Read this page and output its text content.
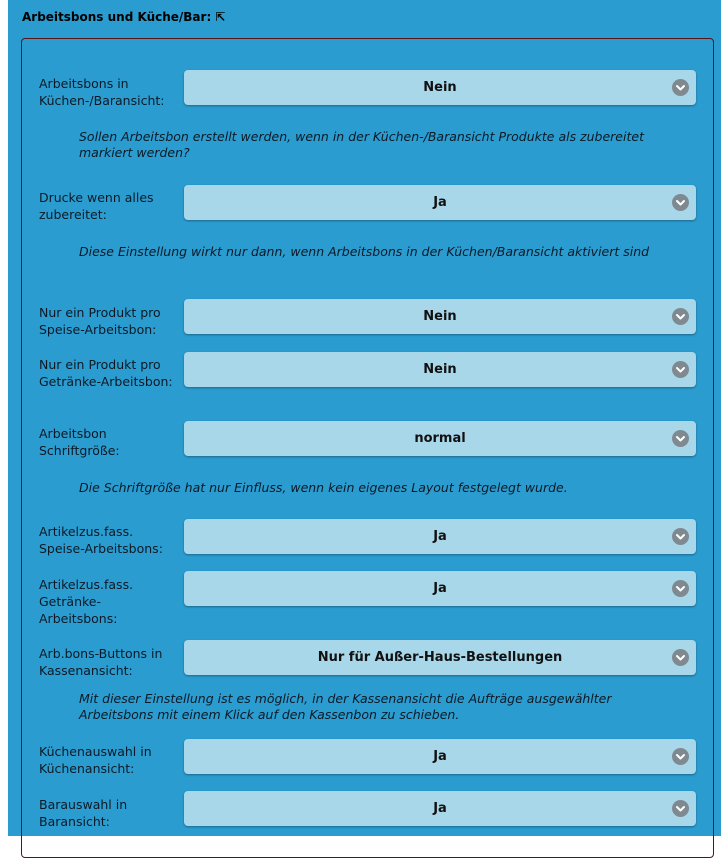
Arbeitsbons und Küche/Bar: ⇱
Arbeitsbons in Küchen-/Baransicht:
Nein
Sollen Arbeitsbon erstellt werden, wenn in der Küchen-/Baransicht Produkte als zubereitet markiert werden?
Drucke wenn alles zubereitet:
Ja
Diese Einstellung wirkt nur dann, wenn Arbeitsbons in der Küchen/Baransicht aktiviert sind
Nur ein Produkt pro Speise-Arbeitsbon:
Nein
Nur ein Produkt pro Getränke-Arbeitsbon:
Nein
Arbeitsbon Schriftgröße:
normal
Die Schriftgröße hat nur Einfluss, wenn kein eigenes Layout festgelegt wurde.
Artikelzus.fass. Speise-Arbeitsbons:
Ja
Artikelzus.fass. Getränke-Arbeitsbons:
Ja
Arb.bons-Buttons in Kassenansicht:
Nur für Außer-Haus-Bestellungen
Mit dieser Einstellung ist es möglich, in der Kassenansicht die Aufträge ausgewählter Arbeitsbons mit einem Klick auf den Kassenbon zu schieben.
Küchenauswahl in Küchenansicht:
Ja
Barauswahl in Baransicht:
Ja
